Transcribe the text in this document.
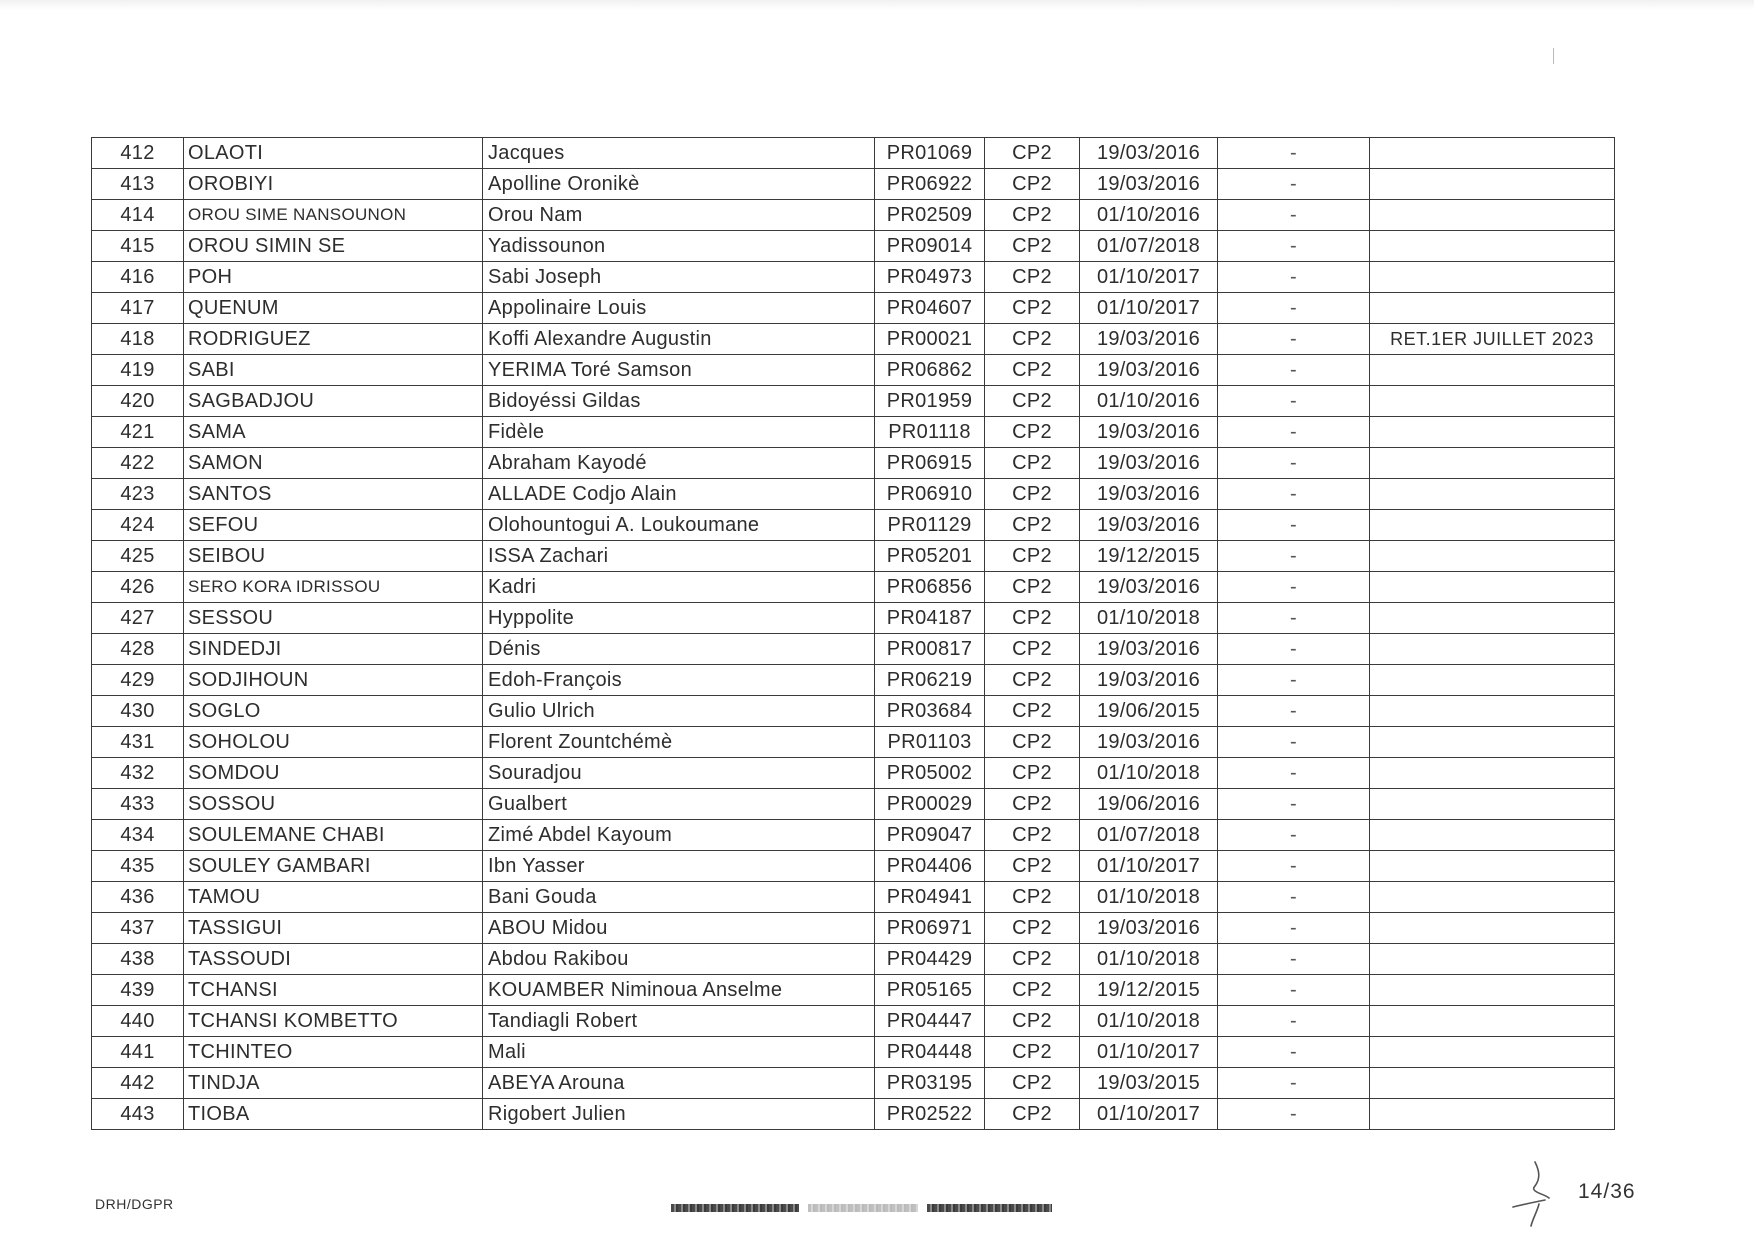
412	OLAOTI	Jacques	PR01069	CP2	19/03/2016	-	
413	OROBIYI	Apolline Oronikè	PR06922	CP2	19/03/2016	-	
414	OROU SIME NANSOUNON	Orou Nam	PR02509	CP2	01/10/2016	-	
415	OROU SIMIN SE	Yadissounon	PR09014	CP2	01/07/2018	-	
416	POH	Sabi Joseph	PR04973	CP2	01/10/2017	-	
417	QUENUM	Appolinaire Louis	PR04607	CP2	01/10/2017	-	
418	RODRIGUEZ	Koffi Alexandre Augustin	PR00021	CP2	19/03/2016	-	RET.1ER JUILLET 2023
419	SABI	YERIMA Toré Samson	PR06862	CP2	19/03/2016	-	
420	SAGBADJOU	Bidoyéssi Gildas	PR01959	CP2	01/10/2016	-	
421	SAMA	Fidèle	PR01118	CP2	19/03/2016	-	
422	SAMON	Abraham Kayodé	PR06915	CP2	19/03/2016	-	
423	SANTOS	ALLADE Codjo Alain	PR06910	CP2	19/03/2016	-	
424	SEFOU	Olohountogui A. Loukoumane	PR01129	CP2	19/03/2016	-	
425	SEIBOU	ISSA Zachari	PR05201	CP2	19/12/2015	-	
426	SERO KORA IDRISSOU	Kadri	PR06856	CP2	19/03/2016	-	
427	SESSOU	Hyppolite	PR04187	CP2	01/10/2018	-	
428	SINDEDJI	Dénis	PR00817	CP2	19/03/2016	-	
429	SODJIHOUN	Edoh-François	PR06219	CP2	19/03/2016	-	
430	SOGLO	Gulio Ulrich	PR03684	CP2	19/06/2015	-	
431	SOHOLOU	Florent Zountchémè	PR01103	CP2	19/03/2016	-	
432	SOMDOU	Souradjou	PR05002	CP2	01/10/2018	-	
433	SOSSOU	Gualbert	PR00029	CP2	19/06/2016	-	
434	SOULEMANE CHABI	Zimé Abdel Kayoum	PR09047	CP2	01/07/2018	-	
435	SOULEY GAMBARI	Ibn Yasser	PR04406	CP2	01/10/2017	-	
436	TAMOU	Bani Gouda	PR04941	CP2	01/10/2018	-	
437	TASSIGUI	ABOU Midou	PR06971	CP2	19/03/2016	-	
438	TASSOUDI	Abdou Rakibou	PR04429	CP2	01/10/2018	-	
439	TCHANSI	KOUAMBER Niminoua Anselme	PR05165	CP2	19/12/2015	-	
440	TCHANSI KOMBETTO	Tandiagli Robert	PR04447	CP2	01/10/2018	-	
441	TCHINTEO	Mali	PR04448	CP2	01/10/2017	-	
442	TINDJA	ABEYA Arouna	PR03195	CP2	19/03/2015	-	
443	TIOBA	Rigobert Julien	PR02522	CP2	01/10/2017	-	
DRH/DGPR
14/36
